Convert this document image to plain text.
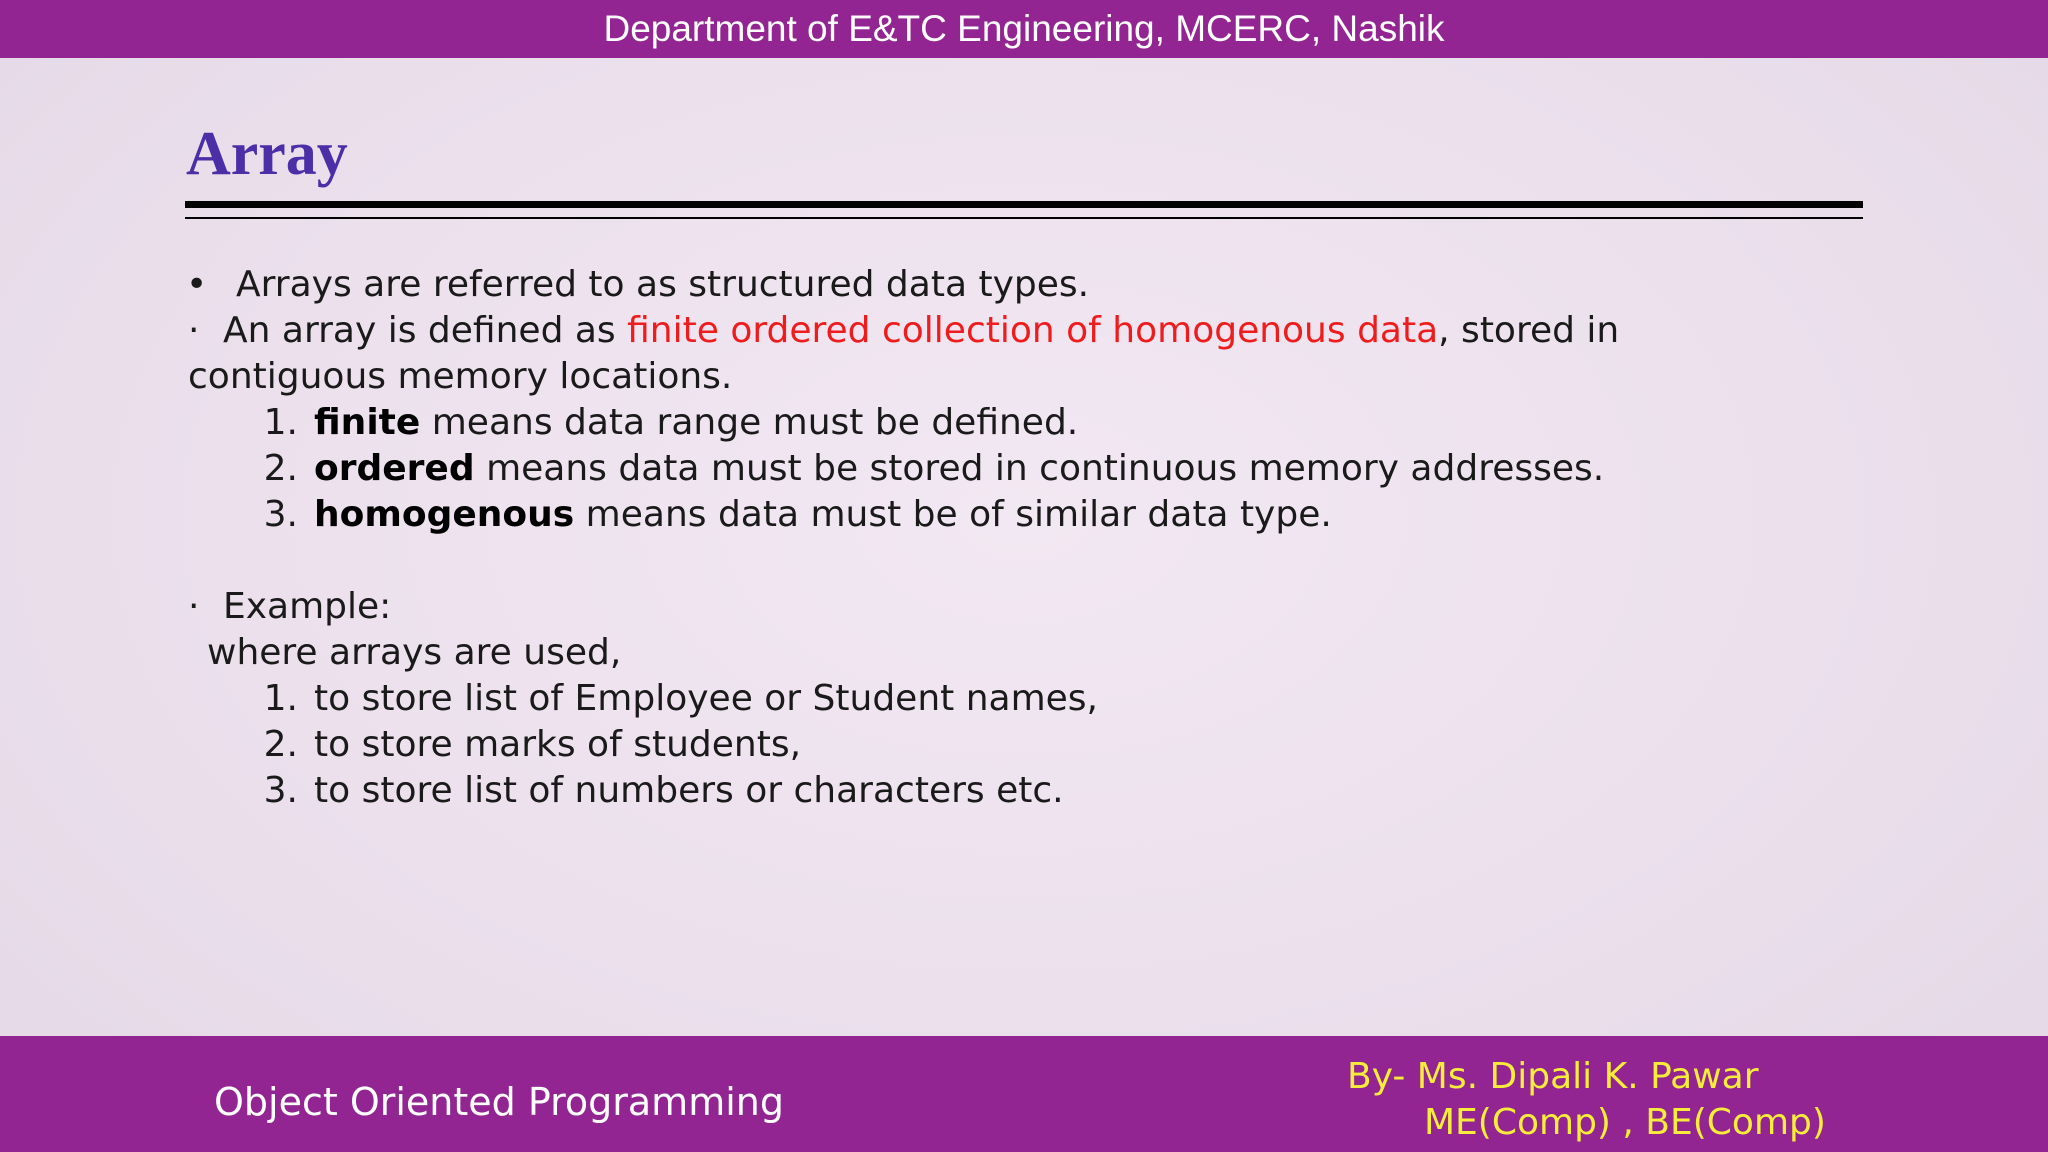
Department of E&TC Engineering, MCERC, Nashik
Array
• Arrays are referred to as structured data types.
· An array is defined as finite ordered collection of homogenous data, stored in
contiguous memory locations.
1. finite means data range must be defined.
2. ordered means data must be stored in continuous memory addresses.
3. homogenous means data must be of similar data type.
· Example:
where arrays are used,
1. to store list of Employee or Student names,
2. to store marks of students,
3. to store list of numbers or characters etc.
Object Oriented Programming
By- Ms. Dipali K. Pawar
ME(Comp) , BE(Comp)
